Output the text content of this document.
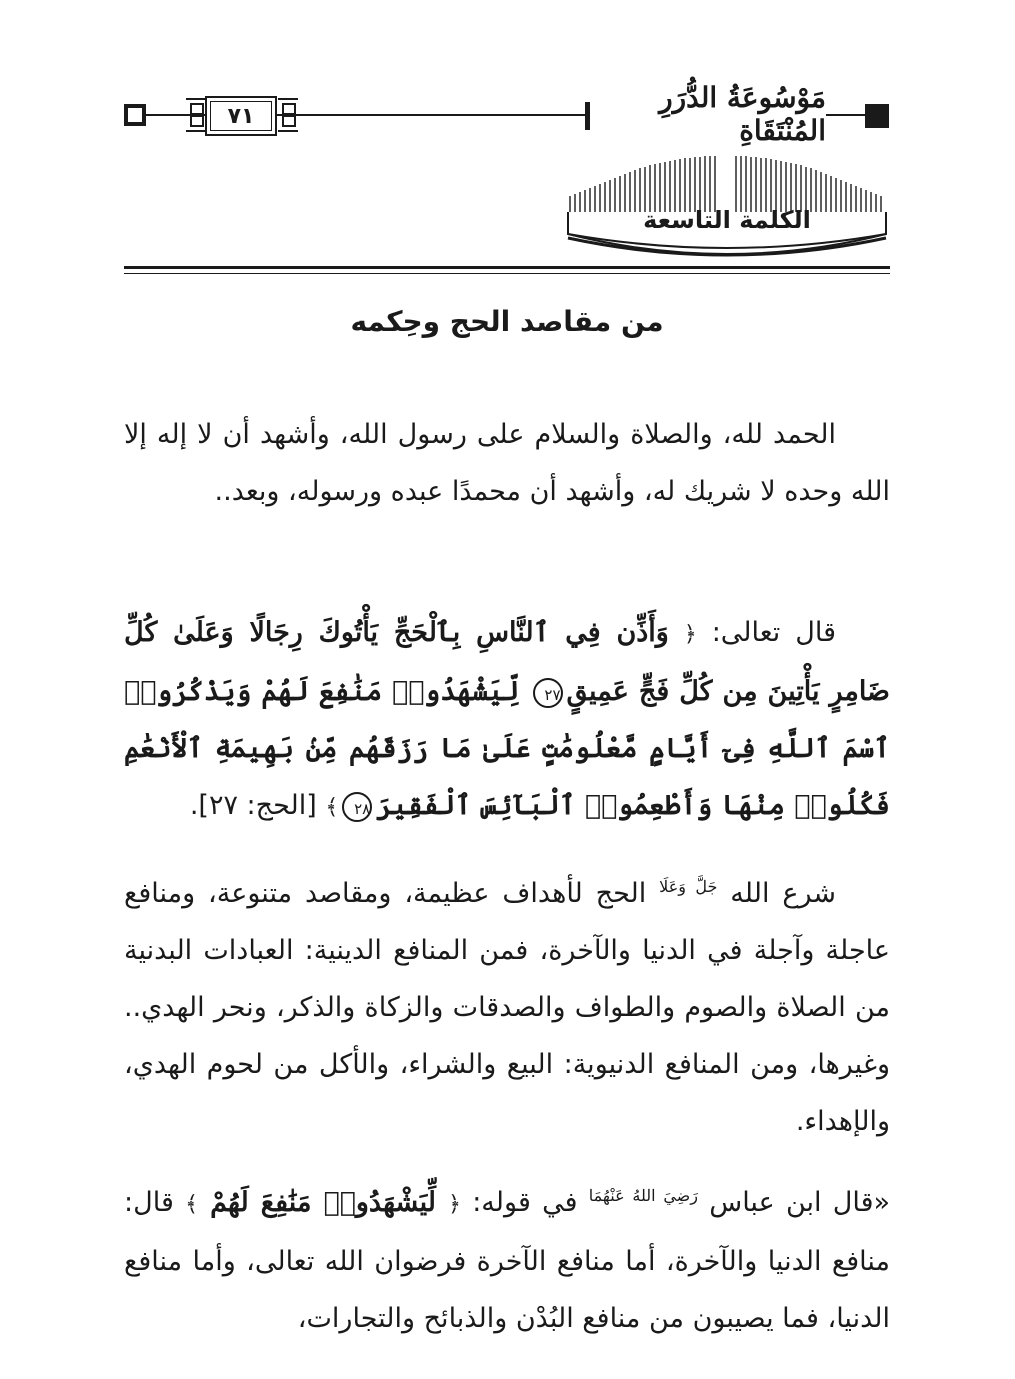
٧١
مَوْسُوعَةُ الدُّرَرِ المُنْتَقَاةِ
الكلمة التاسعة
من مقاصد الحج وحِكمه

الحمد لله، والصلاة والسلام على رسول الله، وأشهد أن لا إله إلا الله وحده لا شريك له، وأشهد أن محمدًا عبده ورسوله، وبعد..

قال تعالى: ﴿ وَأَذِّن فِي ٱلنَّاسِ بِٱلْحَجِّ يَأْتُوكَ رِجَالًا وَعَلَىٰ كُلِّ ضَامِرٍ يَأْتِينَ مِن كُلِّ فَجٍّ عَمِيقٍ٢٧ لِّيَشْهَدُوا۟ مَنَٰفِعَ لَهُمْ وَيَذْكُرُوا۟ ٱسْمَ ٱللَّهِ فِىٓ أَيَّامٍ مَّعْلُومَٰتٍ عَلَىٰ مَا رَزَقَهُم مِّنۢ بَهِيمَةِ ٱلْأَنْعَٰمِ فَكُلُوا۟ مِنْهَا وَأَطْعِمُوا۟ ٱلْبَآئِسَ ٱلْفَقِيرَ٢٨﴾ [الحج: ٢٧].

شرع الله $^{جَلَّ وَعَلَا}$ الحج لأهداف عظيمة، ومقاصد متنوعة، ومنافع عاجلة وآجلة في الدنيا والآخرة، فمن المنافع الدينية: العبادات البدنية من الصلاة والصوم والطواف والصدقات والزكاة والذكر، ونحر الهدي.. وغيرها، ومن المنافع الدنيوية: البيع والشراء، والأكل من لحوم الهدي، والإهداء.

«قال ابن عباس $^{رَضِيَ اللهُ عَنْهُمَا}$ في قوله: ﴿ لِّيَشْهَدُوا۟ مَنَٰفِعَ لَهُمْ ﴾ قال: منافع الدنيا والآخرة، أما منافع الآخرة فرضوان الله تعالى، وأما منافع الدنيا، فما يصيبون من منافع البُدْن والذبائح والتجارات،
